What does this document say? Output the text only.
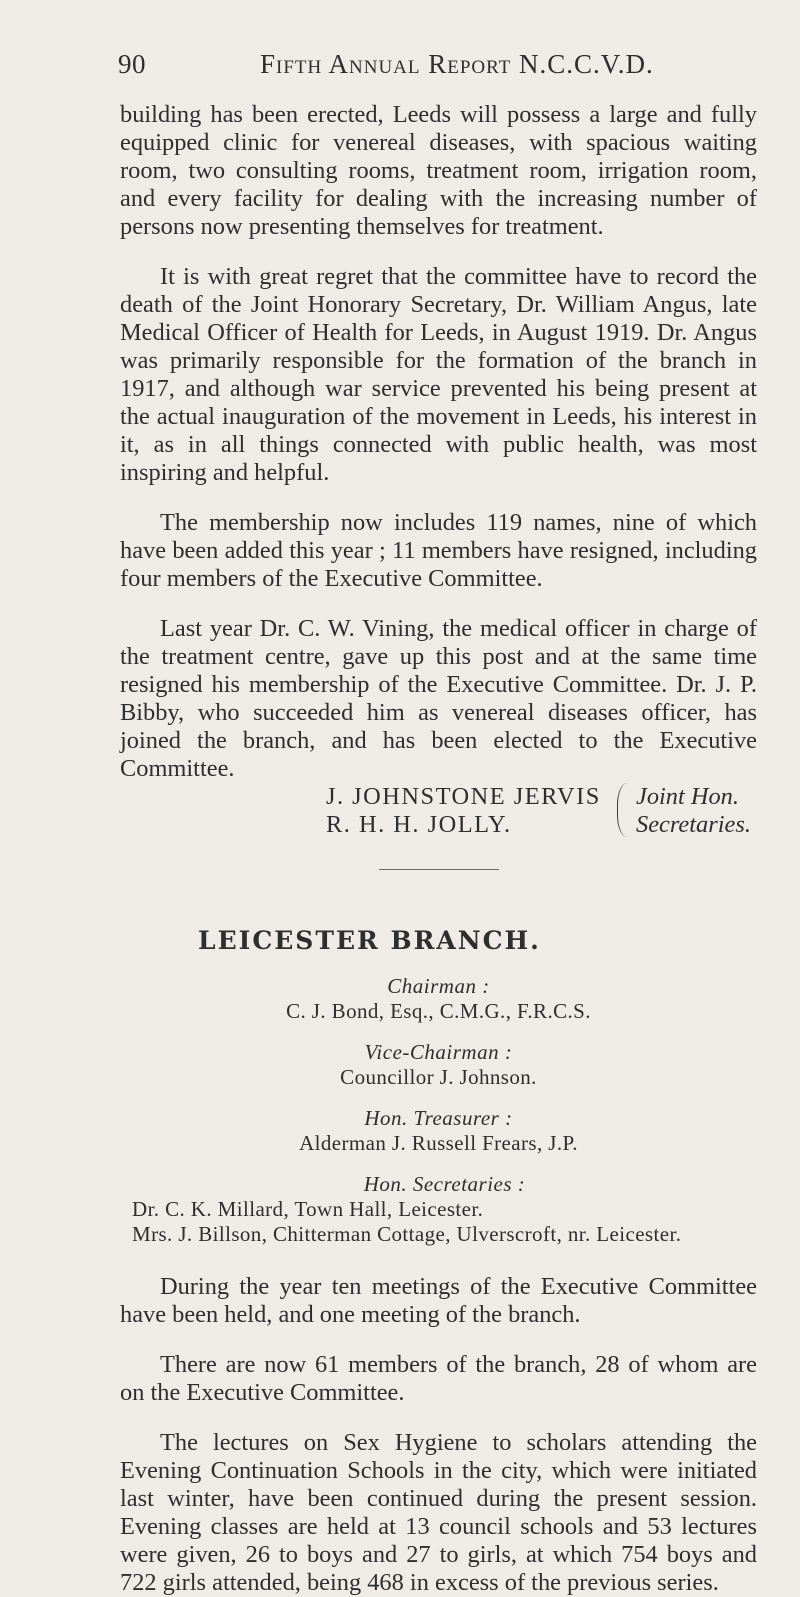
90	Fifth Annual Report N.C.C.V.D.

building has been erected, Leeds will possess a large and fully equipped clinic for venereal diseases, with spacious waiting room, two consulting rooms, treatment room, irrigation room, and every facility for dealing with the increasing number of persons now presenting themselves for treatment.

It is with great regret that the committee have to record the death of the Joint Honorary Secretary, Dr. William Angus, late Medical Officer of Health for Leeds, in August 1919. Dr. Angus was primarily responsible for the formation of the branch in 1917, and although war service prevented his being present at the actual inauguration of the movement in Leeds, his interest in it, as in all things connected with public health, was most inspiring and helpful.

The membership now includes 119 names, nine of which have been added this year ; 11 members have resigned, including four members of the Executive Committee.

Last year Dr. C. W. Vining, the medical officer in charge of the treatment centre, gave up this post and at the same time resigned his membership of the Executive Committee. Dr. J. P. Bibby, who succeeded him as venereal diseases officer, has joined the branch, and has been elected to the Executive Committee.

J. JOHNSTONE JERVIS
R. H. H. JOLLY.
Joint Hon.
Secretaries.
LEICESTER BRANCH.
Chairman :
C. J. Bond, Esq., C.M.G., F.R.C.S.
Vice-Chairman :
Councillor J. Johnson.
Hon. Treasurer :
Alderman J. Russell Frears, J.P.
Hon. Secretaries :
Dr. C. K. Millard, Town Hall, Leicester.
Mrs. J. Billson, Chitterman Cottage, Ulverscroft, nr. Leicester.

During the year ten meetings of the Executive Committee have been held, and one meeting of the branch.

There are now 61 members of the branch, 28 of whom are on the Executive Committee.

The lectures on Sex Hygiene to scholars attending the Evening Continuation Schools in the city, which were initiated last winter, have been continued during the present session. Evening classes are held at 13 council schools and 53 lectures were given, 26 to boys and 27 to girls, at which 754 boys and 722 girls attended, being 468 in excess of the previous series.
